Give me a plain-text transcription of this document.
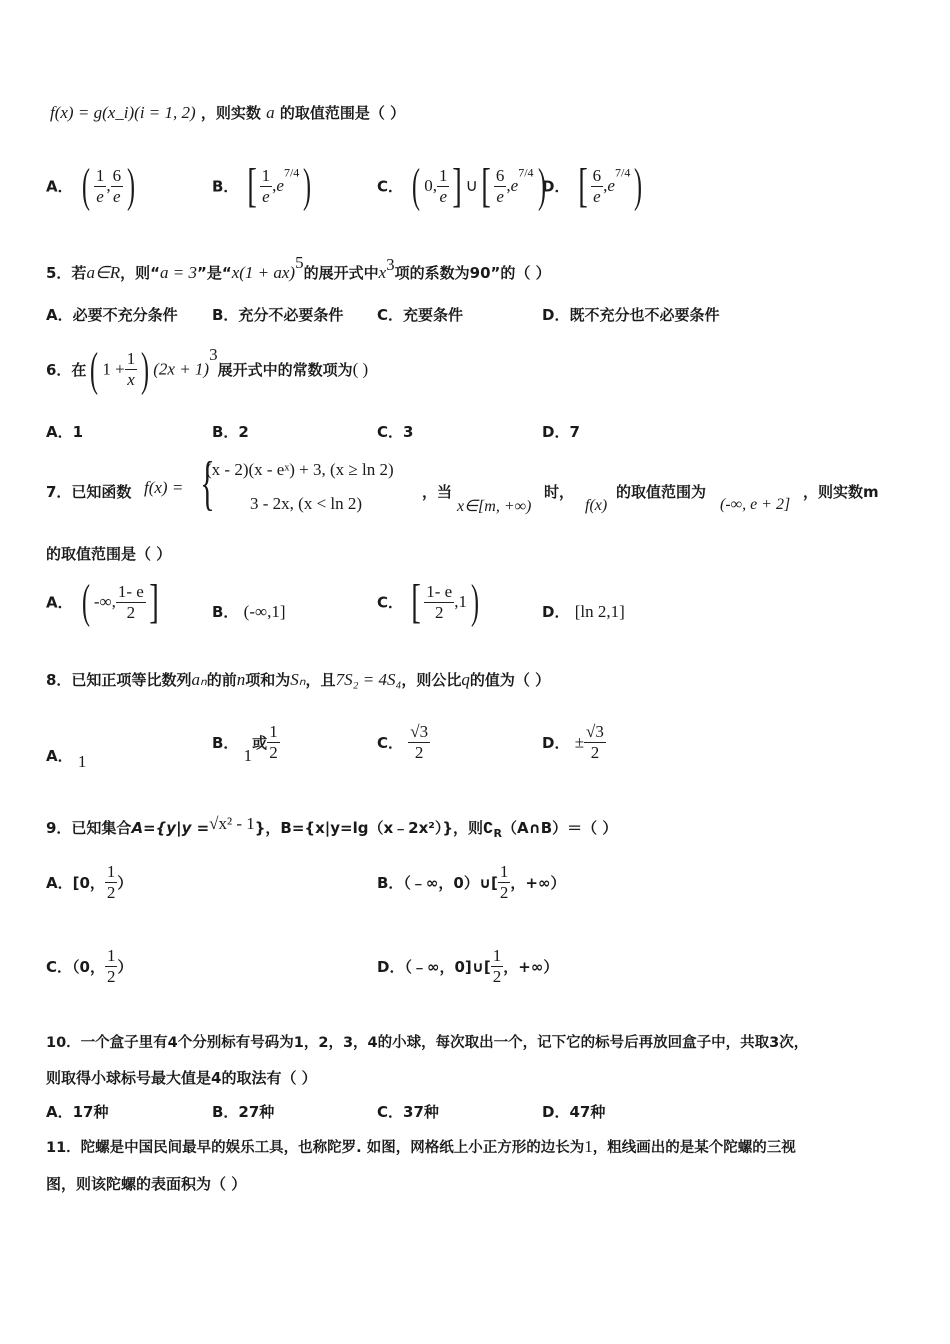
f(x) = g(x_i)(i = 1, 2) ，则实数 a 的取值范围是（ ）
A． ( $\frac{1}{e}$ , $\frac{6}{e}$ )	B． [ $\frac{1}{e} ,e^{7/4}$)	C． ( 0, $\frac{1}{e}$ ] ∪[ $\frac{6}{e} ,e^{7/4}$)
D． [ $\frac{6}{e} ,e^{7/4}$)
5．若a∈R，则“a = 3”是“x(1 + ax)$^5$的展开式中$x^3$项的系数为90”的（ ）
A．必要不充分条件 B．充分不必要条件 C．充要条件	D．既不充分也不必要条件
6．在( $1 + \frac{1}{x}$ ) $(2x + 1)^3$展开式中的常数项为( )
A．1	B．2	C．3	D．7
7．已知函数 f(x) = {
(x - 2)(x - eˣ) + 3, (x ≥ ln 2)
3 - 2x, (x < ln 2)
，当
x∈[m, +∞)
时，
f(x)
的取值范围为
(-∞, e + 2]
，则实数m
的取值范围是（ ）
A． ( -∞, $\frac{1- e}{2}$ ]	B． (-∞,1]	C． [ $\frac{1- e}{2} ,1$)	D． [ln 2,1]
8．已知正项等比数列aₙ的前n项和为Sₙ，且7S₂ = 4S₄，则公比q的值为（ ）
A． 1
B． 1或 $\frac{1}{2}$	C． $\frac{√3}{2}$	D． ± $\frac{√3}{2}$
9．已知集合A={y|y =√x² - 1}，B={x|y=lg（x﹣2x²）}，则$∁_R(A\cap B)=$（ ）
A．[0， $\frac{1}{2}$ ）	B．（﹣∞，0）∪[ $\frac{1}{2}$ ，+∞）
C．（0， $\frac{1}{2}$ ）	D．（﹣∞，0]∪[ $\frac{1}{2}$ ，+∞）
10．一个盒子里有4个分别标有号码为1，2，3，4的小球，每次取出一个，记下它的标号后再放回盒子中，共取3次，
则取得小球标号最大值是4的取法有（ ）
A．17种	B．27种	C．37种	D．47种
11．陀螺是中国民间最早的娱乐工具，也称陀罗. 如图，网格纸上小正方形的边长为1，粗线画出的是某个陀螺的三视
图，则该陀螺的表面积为（ ）
